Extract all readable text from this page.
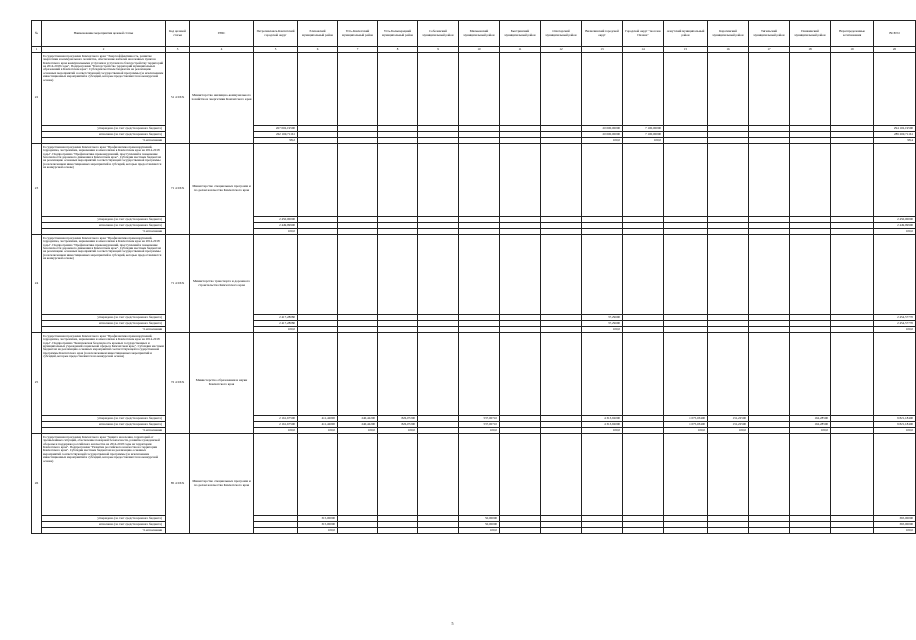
№	Наименование мероприятия целевой статьи	Код целевой статьи	ГРБС	Петропавловск-Камчатский городской округ	Елизовский муниципальный район	Усть-Камчатский муниципальный район	Усть-Большерецкий муниципальный район	Соболевский муниципальный район	Мильковский муниципальный район	Быстринский муниципальный район	Олюторский муниципальный район	Вилючинский городской округ	Городской округ "поселок Палана"	Алеутский муниципальный район	Карагинский муниципальный район	Тигильский муниципальный район	Пенжинский муниципальный район	Нераспределенные ассигнования	ВСЕГО
1	2	3	4	5	6	7	8	9	10	11	12	13	14	15	16	17	18	19	20
22	Государственная программа Камчатского края "Энергоэффективность, развитие энергетики и коммунального хозяйства, обеспечение жителей населенных пунктов Камчатского края коммунальными услугами и услугами по благоустройству территорий на 2014-2018 годы", Подпрограмма "Благоустройство территорий муниципальных образований в Камчатском крае". Субсидии местным бюджетам на реализацию основных мероприятий соответствующей государственной программы (за исключением инвестиционных мероприятий и субсидий, которые предоставляются на конкурсной основе)	51 4 0ХХ	Министерство жилищно-коммунального хозяйства и энергетики Камчатского края																
	утверждено (за счет средств краевого бюджета)			267 002,19590								20 000,00000	7 100,00000						294 102,19590
	исполнено (за счет средств краевого бюджета)			262 169,71161								20 000,00000	7 100,00000						289 269,71161
	% исполнения			98,2								100,0	100,0						98,4
23	Государственная программа Камчатского края "Профилактика правонарушений, терроризма, экстремизма, наркомании и алкоголизма в Камчатском крае на 2014-2018 годы". Подпрограмма "Профилактика правонарушений, преступлений и повышение безопасности дорожного движения в Камчатском крае". Субсидии местным бюджетам на реализацию основных мероприятий соответствующей государственной программы (за исключением инвестиционных мероприятий и субсидий, которые предоставляются на конкурсной основе)	71 4 0ХХ	Министерство специальных программ и по делам казачества Камчатского края																
	утверждено (за счет средств краевого бюджета)			2 450,00000															2 450,00000
	исполнено (за счет средств краевого бюджета)			2 449,99900															2 449,99900
	% исполнения			100,0															100,0
24	Государственная программа Камчатского края "Профилактика правонарушений, терроризма, экстремизма, наркомании и алкоголизма в Камчатском крае на 2014-2018 годы". Подпрограмма "Профилактика правонарушений, преступлений и повышение безопасности дорожного движения в Камчатском крае". Субсидии местным бюджетам на реализацию основных мероприятий соответствующей государственной программы (за исключением инвестиционных мероприятий и субсидий, которые предоставляются на конкурсной основе)	71 4 0ХХ	Министерство транспорта и дорожного строительства Камчатского края																
	утверждено (за счет средств краевого бюджета)			2 417,28080								37,29690							2 454,57770
	исполнено (за счет средств краевого бюджета)			2 417,28080								37,29690							2 454,57770
	% исполнения			100,0								100,0							100,0
25	Государственная программа Камчатского края "Профилактика правонарушений, терроризма, экстремизма, наркомании и алкоголизма в Камчатском крае на 2014-2018 годы". Подпрограмма "Комплексная безопасность краевых государственных и муниципальных учреждений социальной сферы в Камчатском крае". Субсидии местным бюджетам на реализацию основных мероприятий соответствующей государственной программы Камчатского края (за исключением инвестиционных мероприятий и субсидий, которые предоставляются на конкурсной основе)	72 4 0ХХ	Министерство образования и науки Камчатского края																
	утверждено (за счет средств краевого бюджета)			2 161,67500	411,42000	240,42200	826,07200		537,00710			4 313,92000		1 075,03400	131,22500		162,28500		9 821,18400
	исполнено (за счет средств краевого бюджета)			2 161,67500	411,42000	240,42200	826,07200		537,00710			4 313,92000		1 075,03400	131,22500		162,28500		9 821,18400
	% исполнения			100,0	100,0	100,0	100,0		100,0			100,0		100,0	100,0		100,0		100,0
26	Государственная программа Камчатского края "Защита населения, территорий от чрезвычайных ситуаций, обеспечение пожарной безопасности, развитие гражданской обороны и поддержка российского казачества на 2014-2018 годы на территории Камчатского края". Подпрограмма "Развитие российского казачества на территории Камчатского края". Субсидии местным бюджетам на реализацию основных мероприятий соответствующей государственной программы (за исключением инвестиционных мероприятий и субсидий, которые предоставляются на конкурсной основе)	85 4 0ХХ	Министерство специальных программ и по делам казачества Камчатского края																
	утверждено (за счет средств краевого бюджета)				315,00000				50,00000										365,00000
	исполнено (за счет средств краевого бюджета)				315,00000				50,00000										365,00000
	% исполнения				100,0				100,0										100,0
5
